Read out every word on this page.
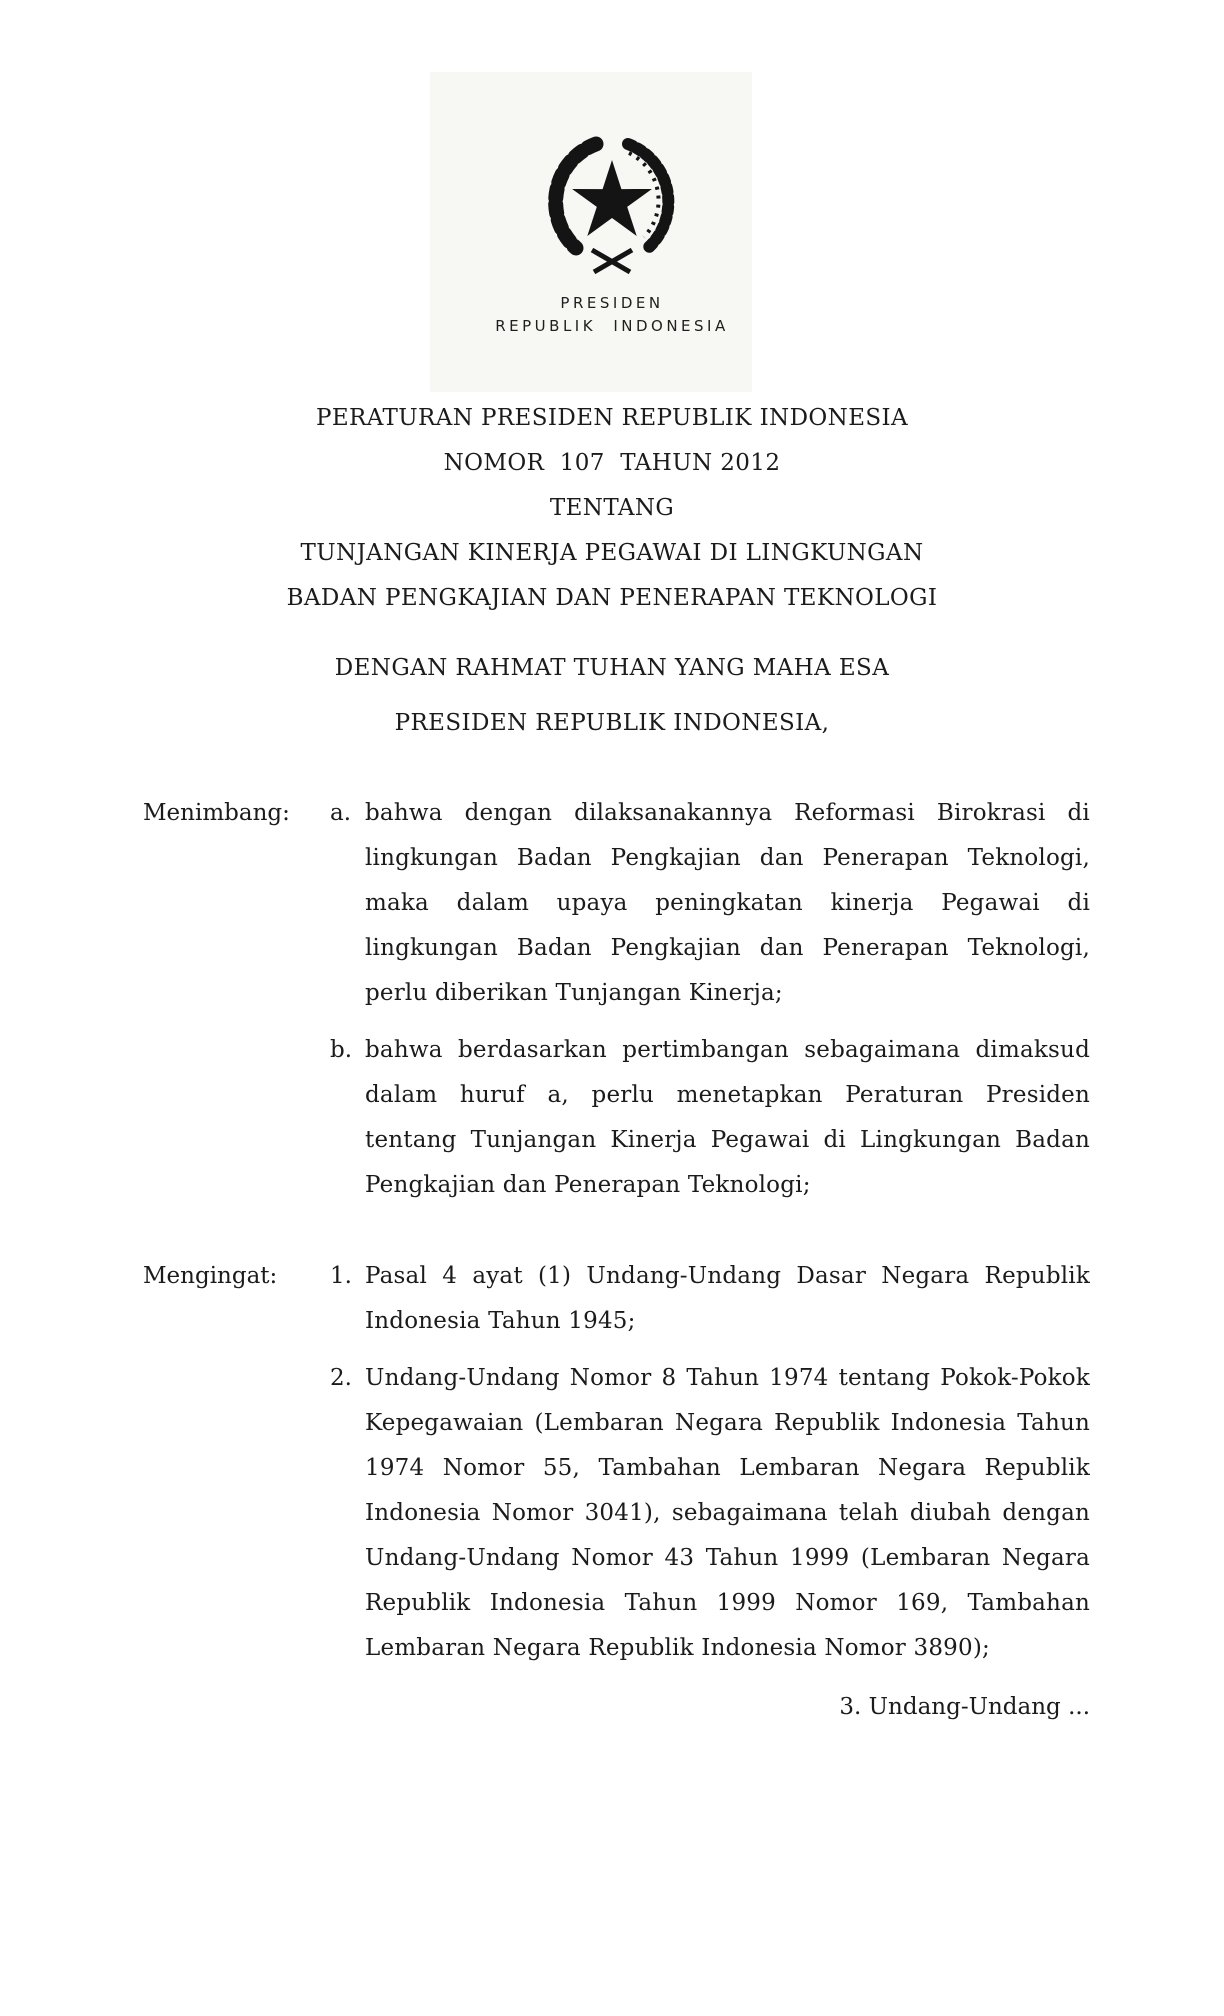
PRESIDEN
REPUBLIK INDONESIA
PERATURAN PRESIDEN REPUBLIK INDONESIA
NOMOR  107  TAHUN 2012
TENTANG
TUNJANGAN KINERJA PEGAWAI DI LINGKUNGAN
BADAN PENGKAJIAN DAN PENERAPAN TEKNOLOGI
DENGAN RAHMAT TUHAN YANG MAHA ESA
PRESIDEN REPUBLIK INDONESIA,
Menimbang:	a. bahwa dengan dilaksanakannya Reformasi Birokrasi di
lingkungan Badan Pengkajian dan Penerapan Teknologi,
maka dalam upaya peningkatan kinerja Pegawai di
lingkungan Badan Pengkajian dan Penerapan Teknologi,
perlu diberikan Tunjangan Kinerja;
b. bahwa berdasarkan pertimbangan sebagaimana dimaksud
dalam huruf a, perlu menetapkan Peraturan Presiden
tentang Tunjangan Kinerja Pegawai di Lingkungan Badan
Pengkajian dan Penerapan Teknologi;
Mengingat:	1. Pasal 4 ayat (1) Undang-Undang Dasar Negara Republik
Indonesia Tahun 1945;
2. Undang-Undang Nomor 8 Tahun 1974 tentang Pokok-Pokok
Kepegawaian (Lembaran Negara Republik Indonesia Tahun
1974 Nomor 55, Tambahan Lembaran Negara Republik
Indonesia Nomor 3041), sebagaimana telah diubah dengan
Undang-Undang Nomor 43 Tahun 1999 (Lembaran Negara
Republik Indonesia Tahun 1999 Nomor 169, Tambahan
Lembaran Negara Republik Indonesia Nomor 3890);
3. Undang-Undang ...
